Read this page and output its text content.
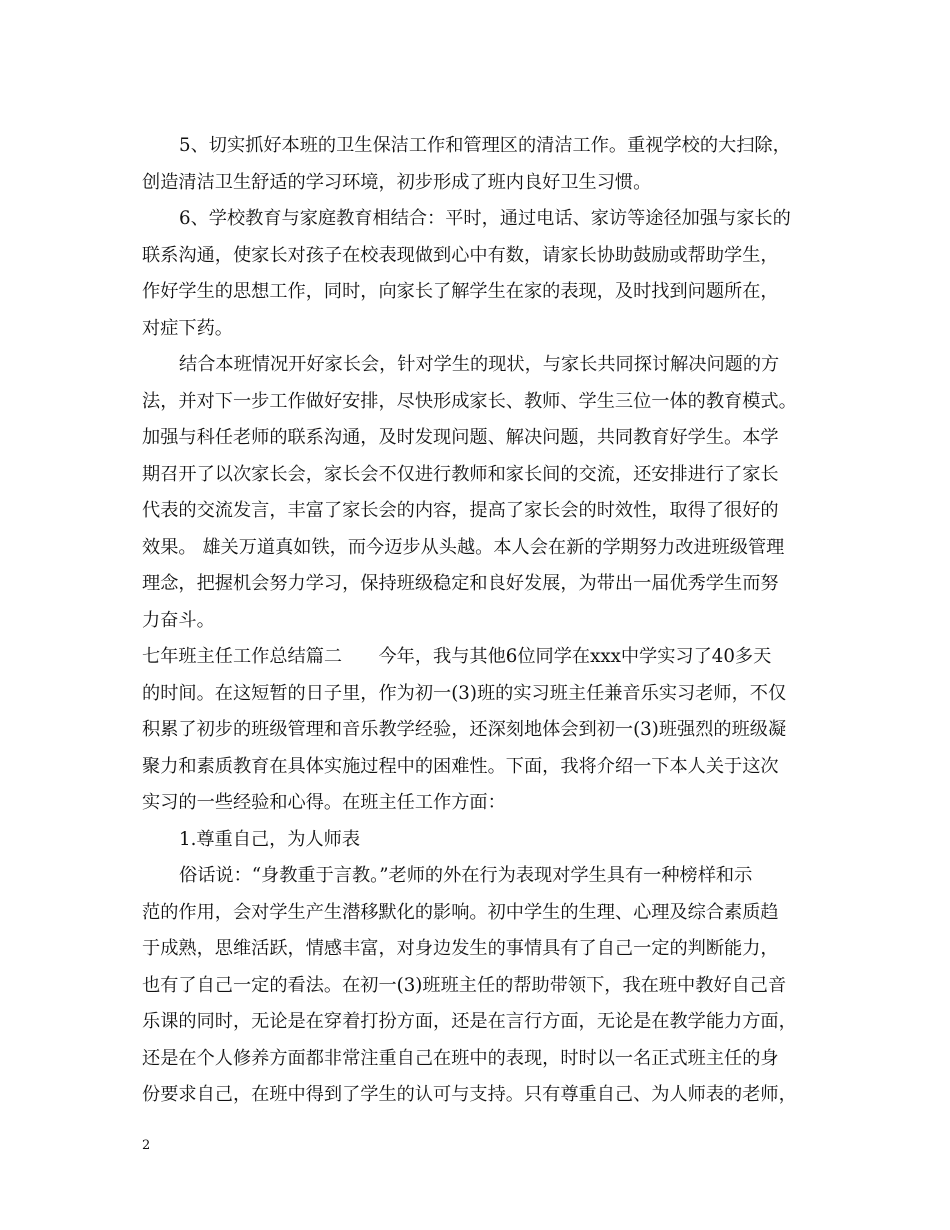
5、切实抓好本班的卫生保洁工作和管理区的清洁工作。重视学校的大扫除，
创造清洁卫生舒适的学习环境，初步形成了班内良好卫生习惯。
6、学校教育与家庭教育相结合：平时，通过电话、家访等途径加强与家长的
联系沟通，使家长对孩子在校表现做到心中有数，请家长协助鼓励或帮助学生，
作好学生的思想工作，同时，向家长了解学生在家的表现，及时找到问题所在，
对症下药。
结合本班情况开好家长会，针对学生的现状，与家长共同探讨解决问题的方
法，并对下一步工作做好安排，尽快形成家长、教师、学生三位一体的教育模式。
加强与科任老师的联系沟通，及时发现问题、解决问题，共同教育好学生。本学
期召开了以次家长会，家长会不仅进行教师和家长间的交流，还安排进行了家长
代表的交流发言，丰富了家长会的内容，提高了家长会的时效性，取得了很好的
效果。 雄关万道真如铁，而今迈步从头越。本人会在新的学期努力改进班级管理
理念，把握机会努力学习，保持班级稳定和良好发展，为带出一届优秀学生而努
力奋斗。
七年班主任工作总结篇二　　今年，我与其他6位同学在xxx中学实习了40多天
的时间。在这短暂的日子里，作为初一(3)班的实习班主任兼音乐实习老师，不仅
积累了初步的班级管理和音乐教学经验，还深刻地体会到初一(3)班强烈的班级凝
聚力和素质教育在具体实施过程中的困难性。下面，我将介绍一下本人关于这次
实习的一些经验和心得。在班主任工作方面：
1.尊重自己，为人师表
俗话说：“身教重于言教。”老师的外在行为表现对学生具有一种榜样和示
范的作用，会对学生产生潜移默化的影响。初中学生的生理、心理及综合素质趋
于成熟，思维活跃，情感丰富，对身边发生的事情具有了自己一定的判断能力，
也有了自己一定的看法。在初一(3)班班主任的帮助带领下，我在班中教好自己音
乐课的同时，无论是在穿着打扮方面，还是在言行方面，无论是在教学能力方面，
还是在个人修养方面都非常注重自己在班中的表现，时时以一名正式班主任的身
份要求自己，在班中得到了学生的认可与支持。只有尊重自己、为人师表的老师，
2
